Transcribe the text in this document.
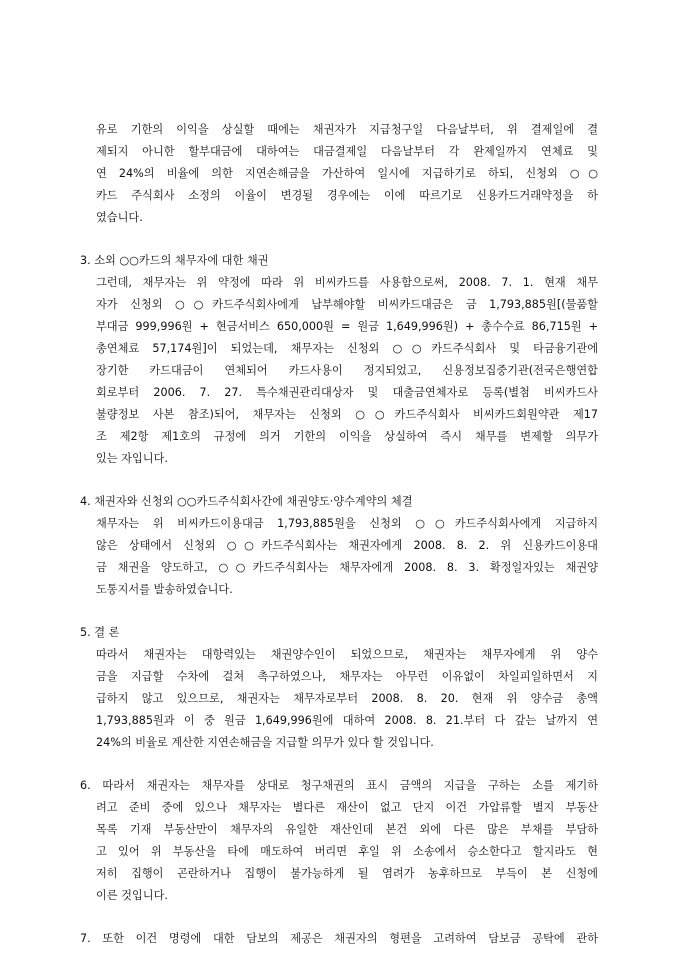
유로 기한의 이익을 상실할 때에는 채권자가 지급청구일 다음날부터, 위 결제일에 결

제되지 아니한 할부대금에 대하여는 대금결제일 다음날부터 각 완제일까지 연체료 및

연 24%의 비율에 의한 지연손해금을 가산하여 일시에 지급하기로 하되, 신청외 ○○

카드 주식회사 소정의 이율이 변경될 경우에는 이에 따르기로 신용카드거래약정을 하

였습니다.

3. 소외 ○○카드의 채무자에 대한 채권

그런데, 채무자는 위 약정에 따라 위 비씨카드를 사용함으로써, 2008. 7. 1. 현재 채무

자가 신청외 ○○카드주식회사에게 납부해야할 비씨카드대금은 금 1,793,885원[(물품할

부대금 999,996원 + 현금서비스 650,000원 = 원금 1,649,996원) + 총수수료 86,715원 +

총연체료 57,174원]이 되었는데, 채무자는 신청외 ○○카드주식회사 및 타금융기관에

장기한 카드대금이 연체되어 카드사용이 정지되었고, 신용정보집중기관(전국은행연합

회로부터 2006. 7. 27. 특수채권관리대상자 및 대출금연체자로 등록(별첨 비씨카드사

불량정보 사본 참조)되어, 채무자는 신청외 ○○카드주식회사 비씨카드회원약관 제17

조 제2항 제1호의 규정에 의거 기한의 이익을 상실하여 즉시 채무를 변제할 의무가

있는 자입니다.

4. 채권자와 신청외 ○○카드주식회사간에 채권양도·양수계약의 체결

채무자는 위 비씨카드이용대금 1,793,885원을 신청외 ○○카드주식회사에게 지급하지

않은 상태에서 신청외 ○○카드주식회사는 채권자에게 2008. 8. 2. 위 신용카드이용대

금 채권을 양도하고, ○○카드주식회사는 채무자에게 2008. 8. 3. 확정일자있는 채권양

도통지서를 발송하였습니다.

5. 결 론

따라서 채권자는 대항력있는 채권양수인이 되었으므로, 채권자는 채무자에게 위 양수

금을 지급할 수차에 걸쳐 촉구하였으나, 채무자는 아무런 이유없이 차일피일하면서 지

급하지 않고 있으므로, 채권자는 채무자로부터 2008. 8. 20. 현재 위 양수금 총액

1,793,885원과 이 중 원금 1,649,996원에 대하여 2008. 8. 21.부터 다 갚는 날까지 연

24%의 비율로 계산한 지연손해금을 지급할 의무가 있다 할 것입니다.

6. 따라서 채권자는 채무자를 상대로 청구채권의 표시 금액의 지급을 구하는 소를 제기하

려고 준비 중에 있으나 채무자는 별다른 재산이 없고 단지 이건 가압류할 별지 부동산

목록 기재 부동산만이 채무자의 유일한 재산인데 본건 외에 다른 많은 부채를 부담하

고 있어 위 부동산을 타에 매도하여 버리면 후일 위 소송에서 승소한다고 할지라도 현

저히 집행이 곤란하거나 집행이 불가능하게 될 염려가 농후하므로 부득이 본 신청에

이른 것입니다.

7. 또한 이건 명령에 대한 담보의 제공은 채권자의 형편을 고려하여 담보금 공탁에 관하
